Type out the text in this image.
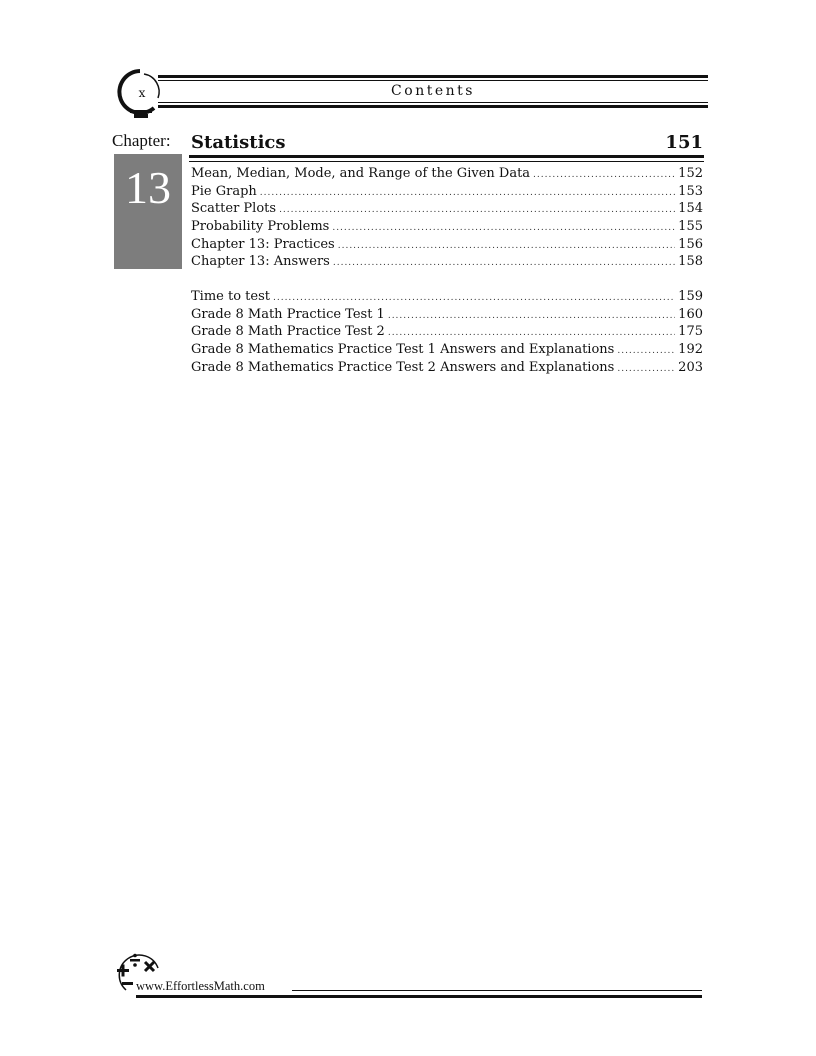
x	Contents
Chapter: Statistics	151
13	Mean, Median, Mode, and Range of the Given Data .....	152
Pie Graph .....	153
Scatter Plots .....	154
Probability Problems .....	155
Chapter 13: Practices .....	156
Chapter 13: Answers .....	158
Time to test .....	159
Grade 8 Math Practice Test 1 .....	160
Grade 8 Math Practice Test 2 .....	175
Grade 8 Mathematics Practice Test 1 Answers and Explanations .....	192
Grade 8 Mathematics Practice Test 2 Answers and Explanations .....	203
www.EffortlessMath.com
